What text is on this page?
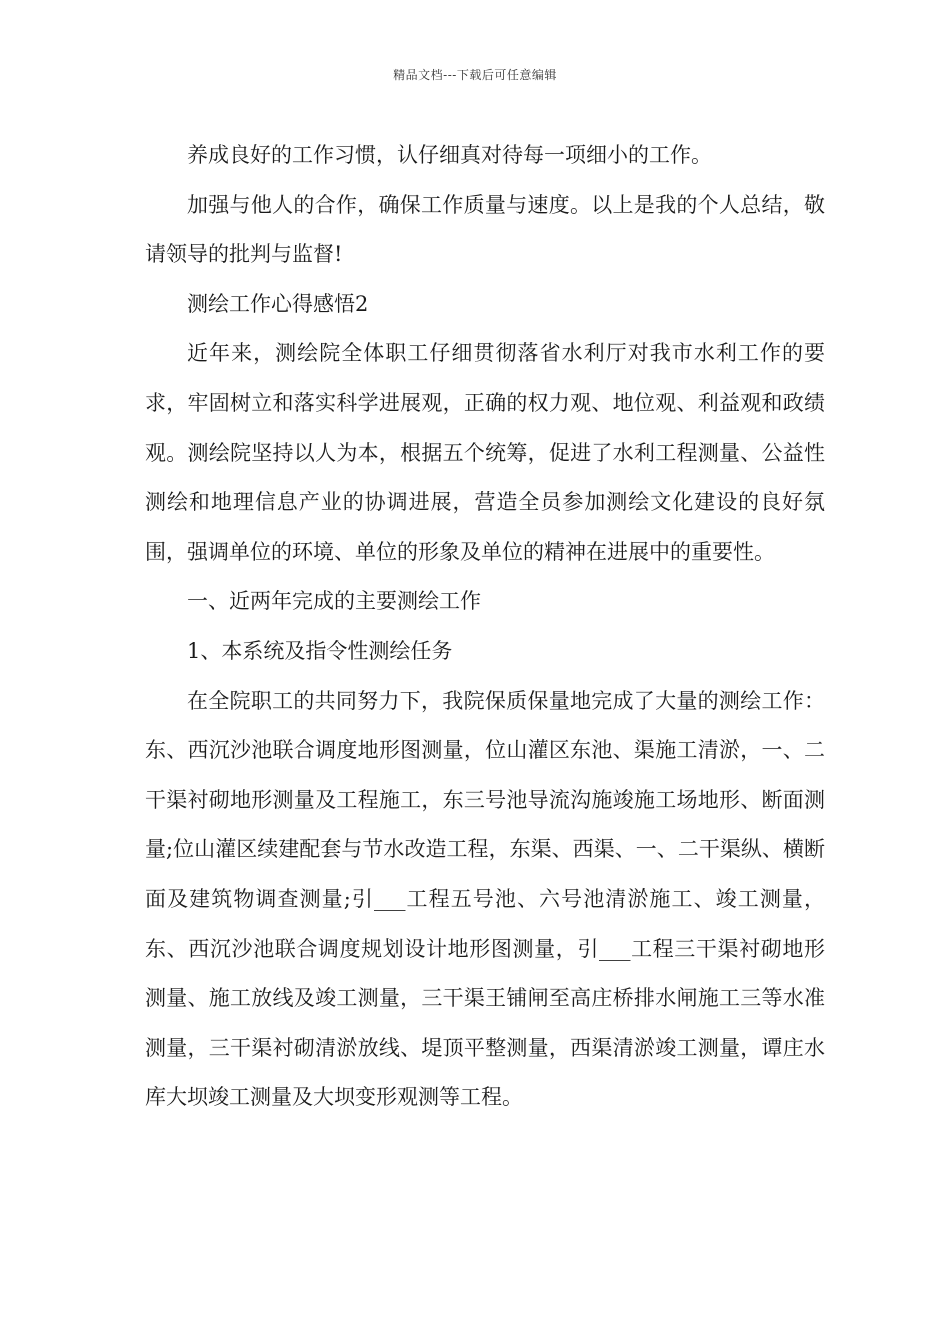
精品文档---下载后可任意编辑

养成良好的工作习惯，认仔细真对待每一项细小的工作。

加强与他人的合作，确保工作质量与速度。以上是我的个人总结，敬请领导的批判与监督!

测绘工作心得感悟2

近年来，测绘院全体职工仔细贯彻落省水利厅对我市水利工作的要求，牢固树立和落实科学进展观，正确的权力观、地位观、利益观和政绩观。测绘院坚持以人为本，根据五个统筹，促进了水利工程测量、公益性测绘和地理信息产业的协调进展，营造全员参加测绘文化建设的良好氛围，强调单位的环境、单位的形象及单位的精神在进展中的重要性。

一、近两年完成的主要测绘工作

1、本系统及指令性测绘任务

在全院职工的共同努力下，我院保质保量地完成了大量的测绘工作：东、西沉沙池联合调度地形图测量，位山灌区东池、渠施工清淤，一、二干渠衬砌地形测量及工程施工，东三号池导流沟施竣施工场地形、断面测量;位山灌区续建配套与节水改造工程，东渠、西渠、一、二干渠纵、横断面及建筑物调查测量;引___工程五号池、六号池清淤施工、竣工测量，东、西沉沙池联合调度规划设计地形图测量，引___工程三干渠衬砌地形测量、施工放线及竣工测量，三干渠王铺闸至高庄桥排水闸施工三等水准测量，三干渠衬砌清淤放线、堤顶平整测量，西渠清淤竣工测量，谭庄水库大坝竣工测量及大坝变形观测等工程。
